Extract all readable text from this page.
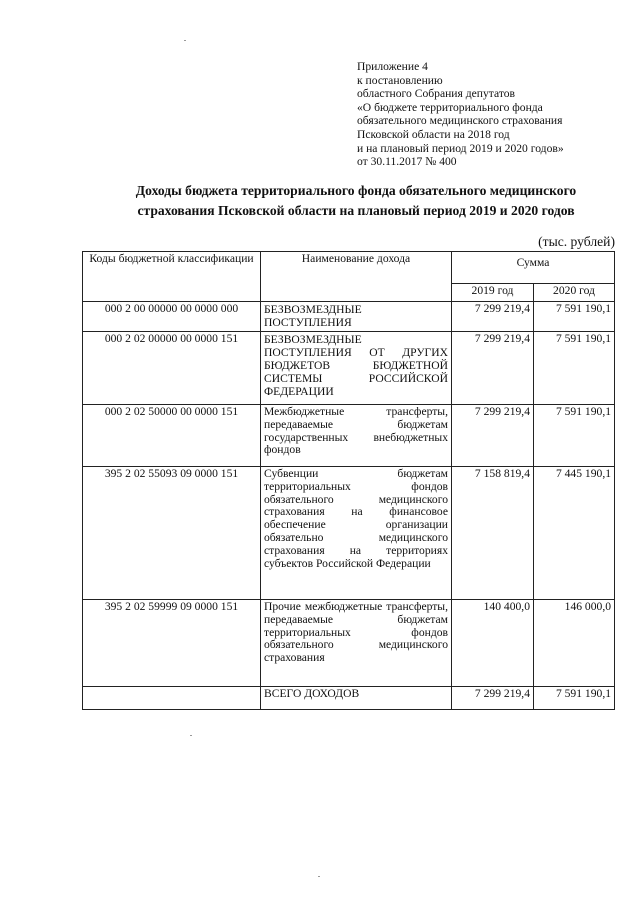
Приложение 4
к постановлению
областного Собрания депутатов
«О бюджете территориального фонда
обязательного медицинского страхования
Псковской области на 2018 год
и на плановый период 2019 и 2020 годов»
от 30.11.2017 № 400
Доходы бюджета территориального фонда обязательного медицинского
страхования Псковской области на плановый период 2019 и 2020 годов
(тыс. рублей)
Коды бюджетной классификации	Наименование дохода	Сумма	
		2019 год	2020 год
000 2 00 00000 00 0000 000	БЕЗВОЗМЕЗДНЫЕ ПОСТУПЛЕНИЯ	7 299 219,4	7 591 190,1
000 2 02 00000 00 0000 151	БЕЗВОЗМЕЗДНЫЕ ПОСТУПЛЕНИЯ ОТ ДРУГИХ БЮДЖЕТОВ БЮДЖЕТНОЙ СИСТЕМЫ РОССИЙСКОЙ ФЕДЕРАЦИИ	7 299 219,4	7 591 190,1
000 2 02 50000 00 0000 151	Межбюджетные трансферты, передаваемые бюджетам государственных внебюджетных фондов	7 299 219,4	7 591 190,1
395 2 02 55093 09 0000 151	Субвенции бюджетам территориальных фондов обязательного медицинского страхования на финансовое обеспечение организации обязательно медицинского страхования на территориях субъектов Российской Федерации	7 158 819,4	7 445 190,1
395 2 02 59999 09 0000 151	Прочие межбюджетные трансферты, передаваемые бюджетам территориальных фондов обязательного медицинского страхования	140 400,0	146 000,0
	ВСЕГО ДОХОДОВ	7 299 219,4	7 591 190,1
